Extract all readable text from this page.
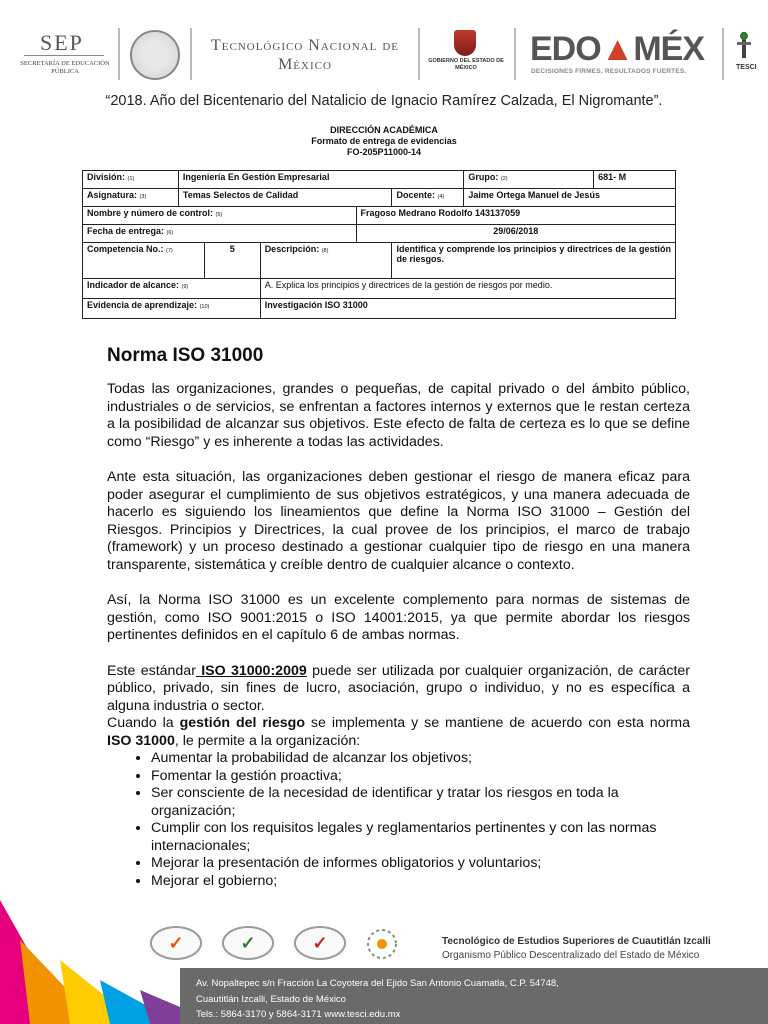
SEP
SECRETARÍA DE EDUCACIÓN PÚBLICA
Tecnológico Nacional de México	GOBIERNO DEL ESTADO DE MÉXICO	EDO▲MÉX
DECISIONES FIRMES, RESULTADOS FUERTES.
TESCI
“2018. Año del Bicentenario del Natalicio de Ignacio Ramírez Calzada, El Nigromante”.
DIRECCIÓN ACADÉMICA
Formato de entrega de evidencias
FO-205P11000-14
División: (1)	Ingeniería En Gestión Empresarial					Grupo: (2)	681- M
Asignatura: (3)	Temas Selectos de Calidad				Docente: (4)	Jaime Ortega Manuel de Jesús	
Nombre y número de control: (5)				Fragoso Medrano Rodolfo 143137059			
Fecha de entrega: (6)				29/06/2018			
Competencia No.: (7)		5	Descripción: (8)		Identifica y comprende los principios y directrices de la gestión de riesgos.		
Indicador de alcance: (9)			A. Explica los principios y directrices de la gestión de riesgos por medio.				
Evidencia de aprendizaje: (10)			Investigación ISO 31000				
Norma ISO 31000

Todas las organizaciones, grandes o pequeñas, de capital privado o del ámbito público, industriales o de servicios, se enfrentan a factores internos y externos que le restan certeza a la posibilidad de alcanzar sus objetivos. Este efecto de falta de certeza es lo que se define como “Riesgo” y es inherente a todas las actividades.

Ante esta situación, las organizaciones deben gestionar el riesgo de manera eficaz para poder asegurar el cumplimiento de sus objetivos estratégicos, y una manera adecuada de hacerlo es siguiendo los lineamientos que define la Norma ISO 31000 – Gestión del Riesgos. Principios y Directrices, la cual provee de los principios, el marco de trabajo (framework) y un proceso destinado a gestionar cualquier tipo de riesgo en una manera transparente, sistemática y creíble dentro de cualquier alcance o contexto.

Así, la Norma ISO 31000 es un excelente complemento para normas de sistemas de gestión, como ISO 9001:2015 o ISO 14001:2015, ya que permite abordar los riesgos pertinentes definidos en el capítulo 6 de ambas normas.

Este estándar ISO 31000:2009 puede ser utilizada por cualquier organización, de carácter público, privado, sin fines de lucro, asociación, grupo o individuo, y no es específica a alguna industria o sector.

Cuando la gestión del riesgo se implementa y se mantiene de acuerdo con esta norma ISO 31000, le permite a la organización:

• Aumentar la probabilidad de alcanzar los objetivos;
• Fomentar la gestión proactiva;
• Ser consciente de la necesidad de identificar y tratar los riesgos en toda la organización;
• Cumplir con los requisitos legales y reglamentarios pertinentes y con las normas internacionales;
• Mejorar la presentación de informes obligatorios y voluntarios;
• Mejorar el gobierno;
✓	✓	✓	Tecnológico de Estudios Superiores de Cuautitlán Izcalli
Organismo Público Descentralizado del Estado de México
Av. Nopaltepec s/n Fracción La Coyotera del Ejido San Antonio Cuamatla, C.P. 54748,
Cuautitlán Izcalli, Estado de México
Tels.: 5864-3170 y 5864-3171 www.tesci.edu.mx
